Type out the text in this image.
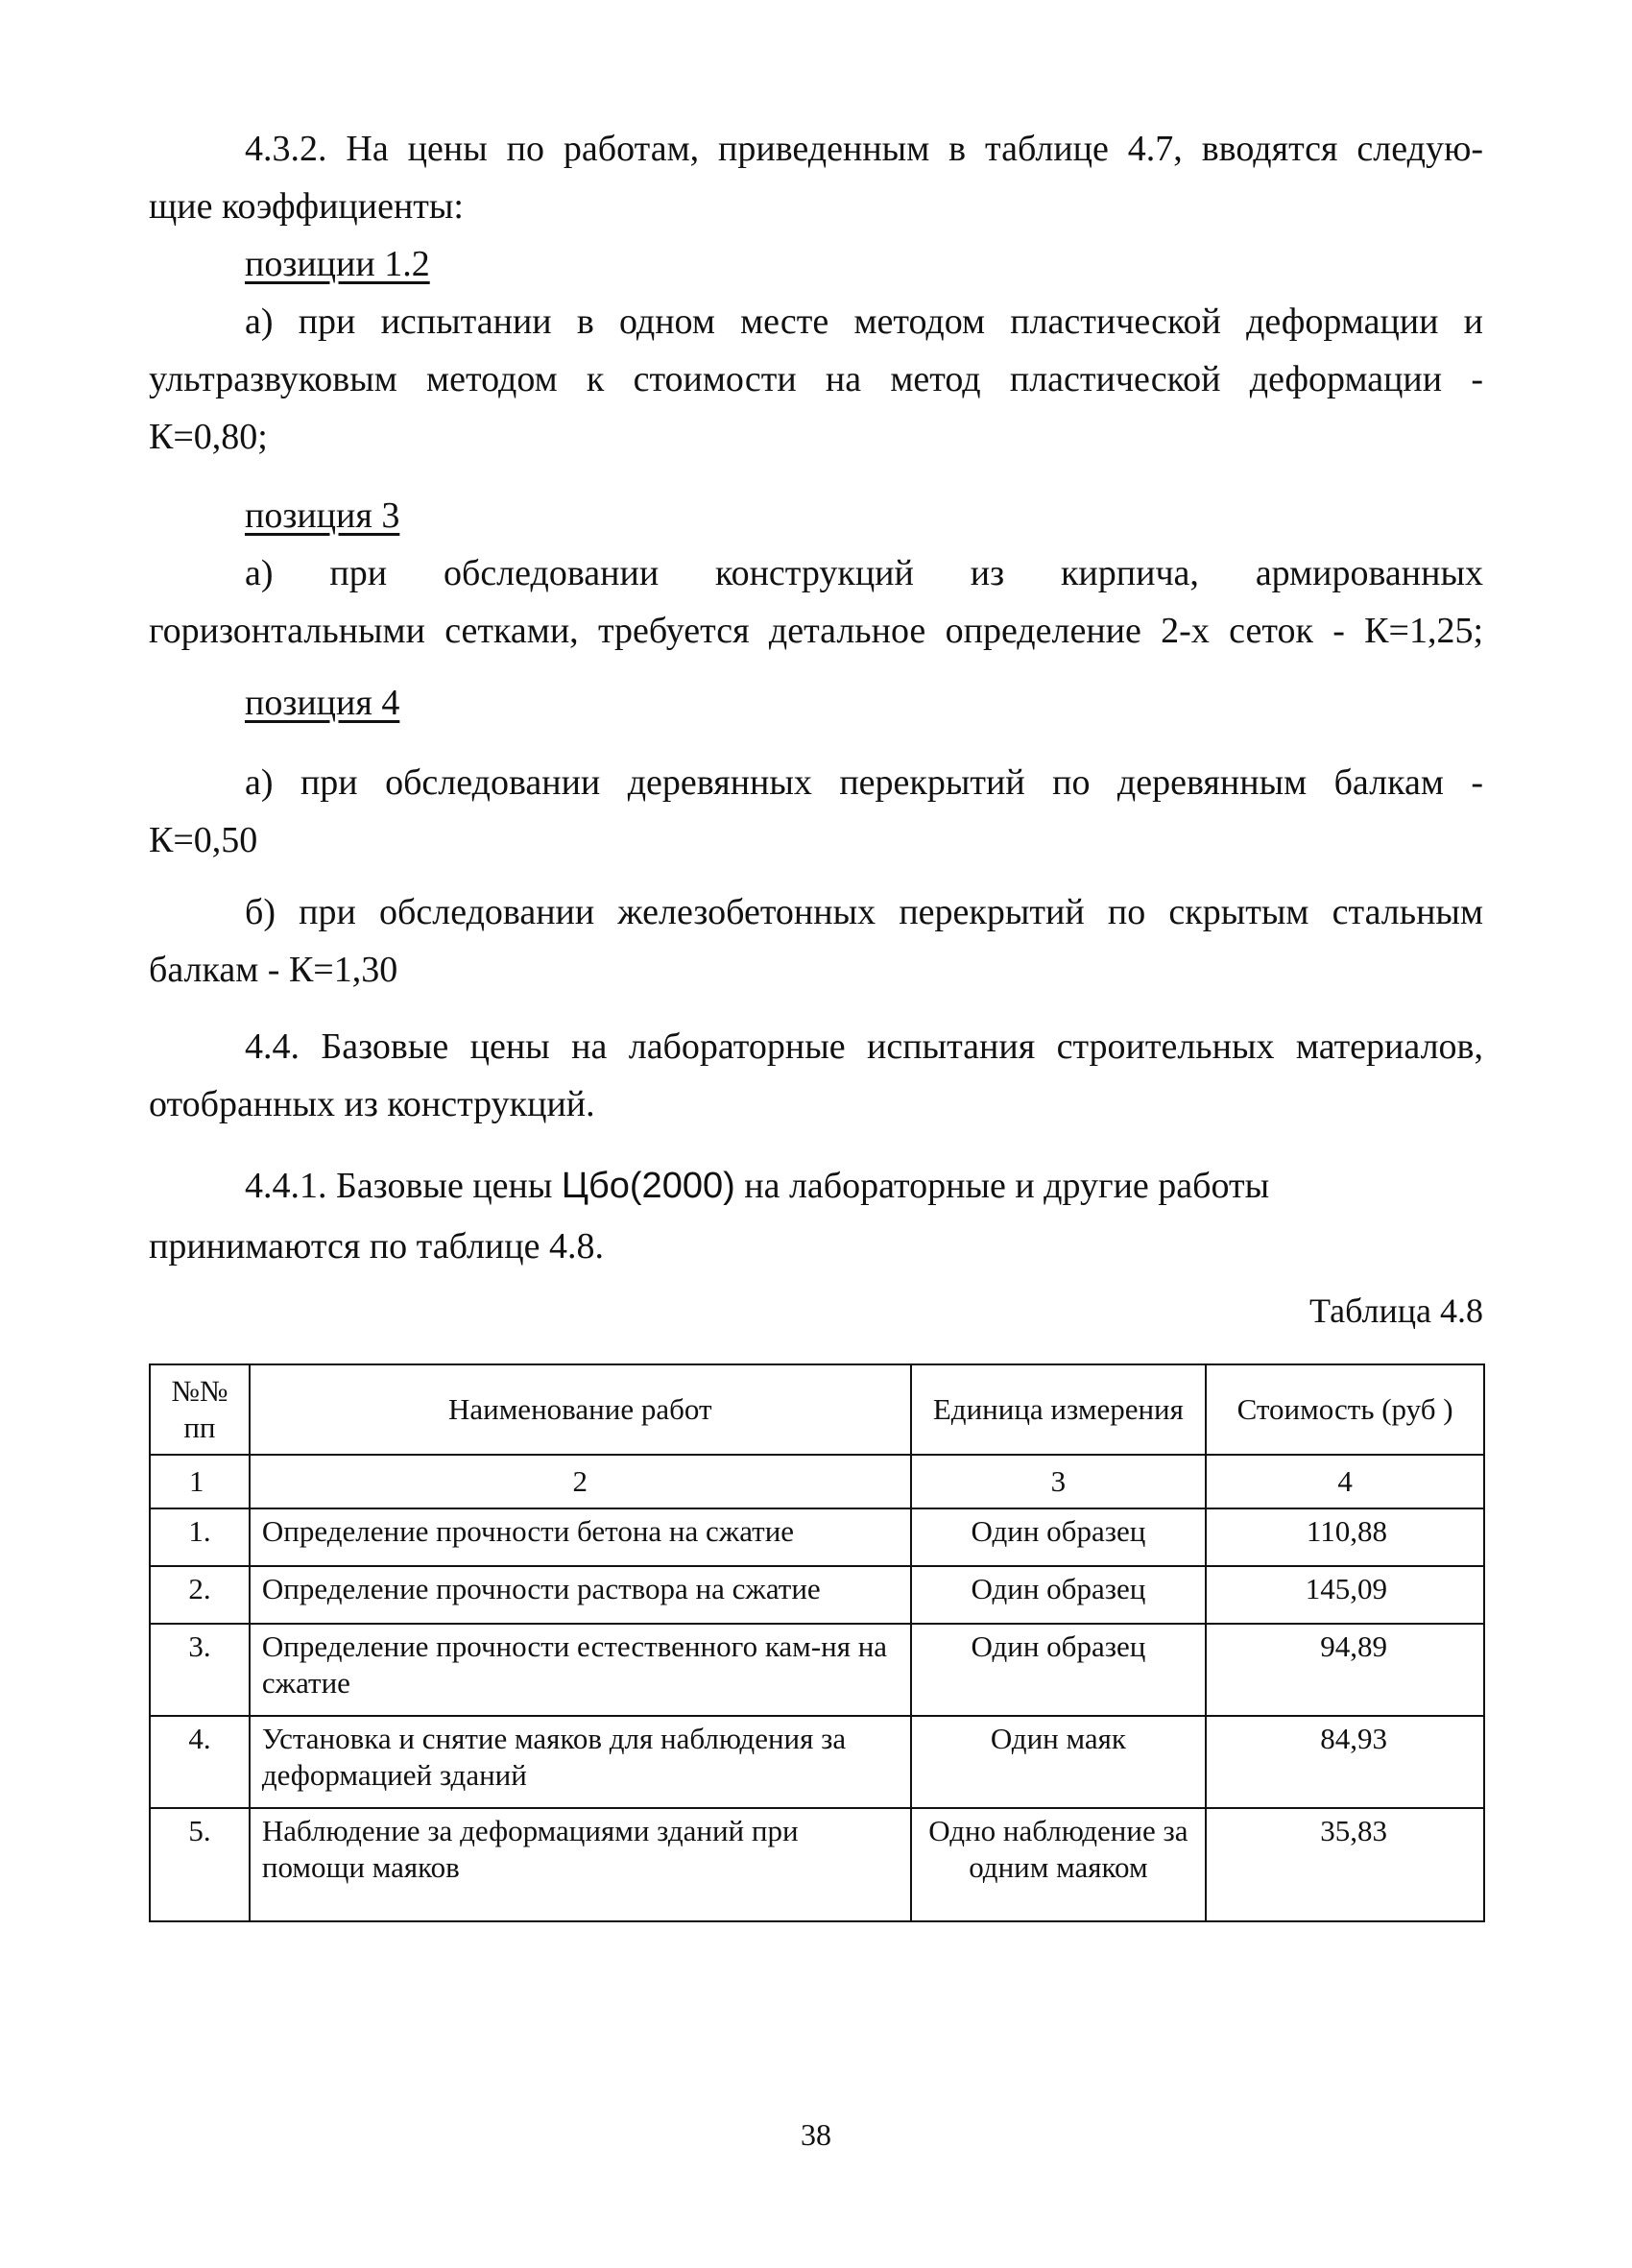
4.3.2. На цены по работам, приведенным в таблице 4.7, вводятся следую-

щие коэффициенты:

позиции 1.2

а) при испытании в одном месте методом пластической деформации и

ультразвуковым методом к стоимости на метод пластической деформации -

К=0,80;

позиция 3

а) при обследовании конструкций из кирпича, армированных

горизонтальными сетками, требуется детальное определение 2-х сеток - К=1,25;

позиция 4

а) при обследовании деревянных перекрытий по деревянным балкам -

К=0,50

б) при обследовании железобетонных перекрытий по скрытым стальным

балкам - К=1,30

4.4. Базовые цены на лабораторные испытания строительных материалов,

отобранных из конструкций.

4.4.1. Базовые цены Цбо(2000) на лабораторные и другие работы

принимаются по таблице 4.8.

Таблица 4.8
№№ пп	Наименование работ	Единица измерения	Стоимость (руб )
1	2	3	4
1.	Определение прочности бетона на сжатие	Один образец	110,88
2.	Определение прочности раствора на сжатие	Один образец	145,09
3.	Определение прочности естественного кам-ня на сжатие	Один образец	94,89
4.	Установка и снятие маяков для наблюдения за деформацией зданий	Один маяк	84,93
5.	Наблюдение за деформациями зданий при помощи маяков	Одно наблюдение за одним маяком	35,83
38
